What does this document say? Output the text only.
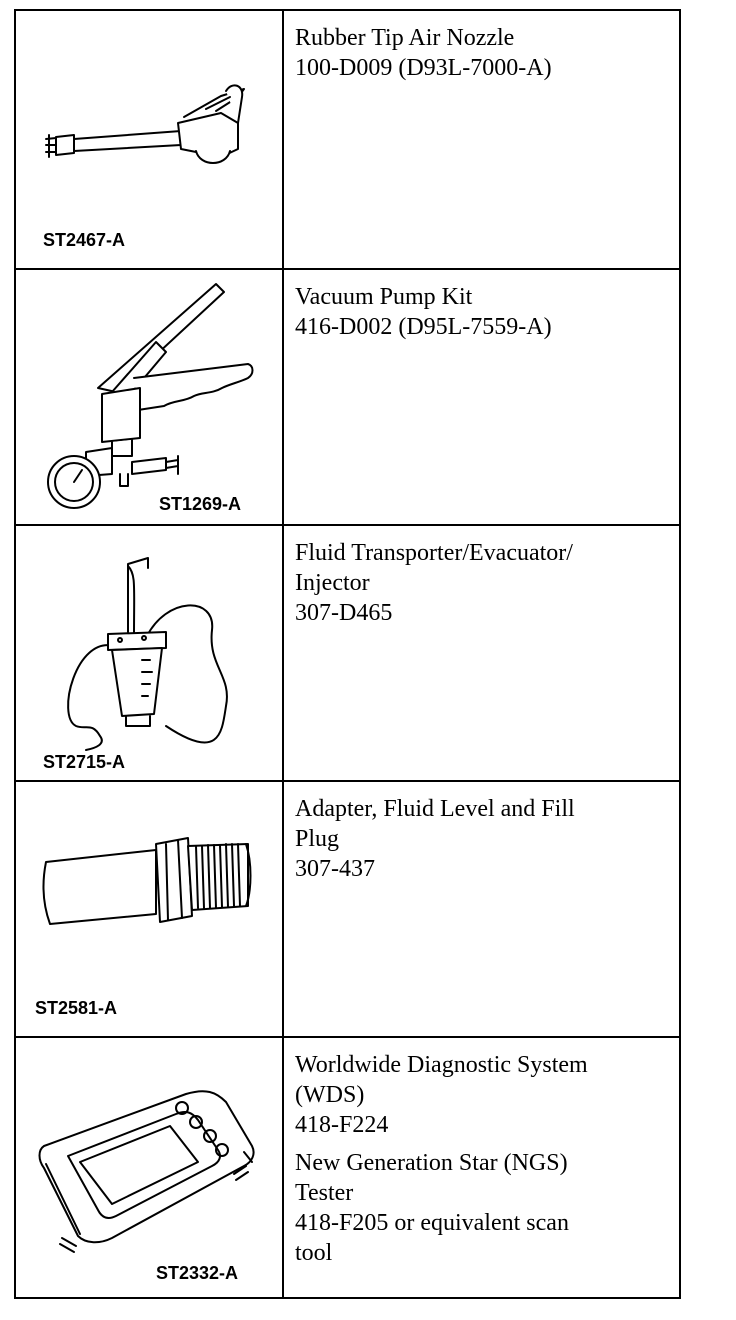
ST2467-A
Rubber Tip Air Nozzle
100-D009 (D93L-7000-A)
ST1269-A
Vacuum Pump Kit
416-D002 (D95L-7559-A)
ST2715-A
Fluid Transporter/Evacuator/
Injector
307-D465
ST2581-A
Adapter, Fluid Level and Fill
Plug
307-437
ST2332-A
Worldwide Diagnostic System
(WDS)
418-F224
New Generation Star (NGS)
Tester
418-F205 or equivalent scan
tool
